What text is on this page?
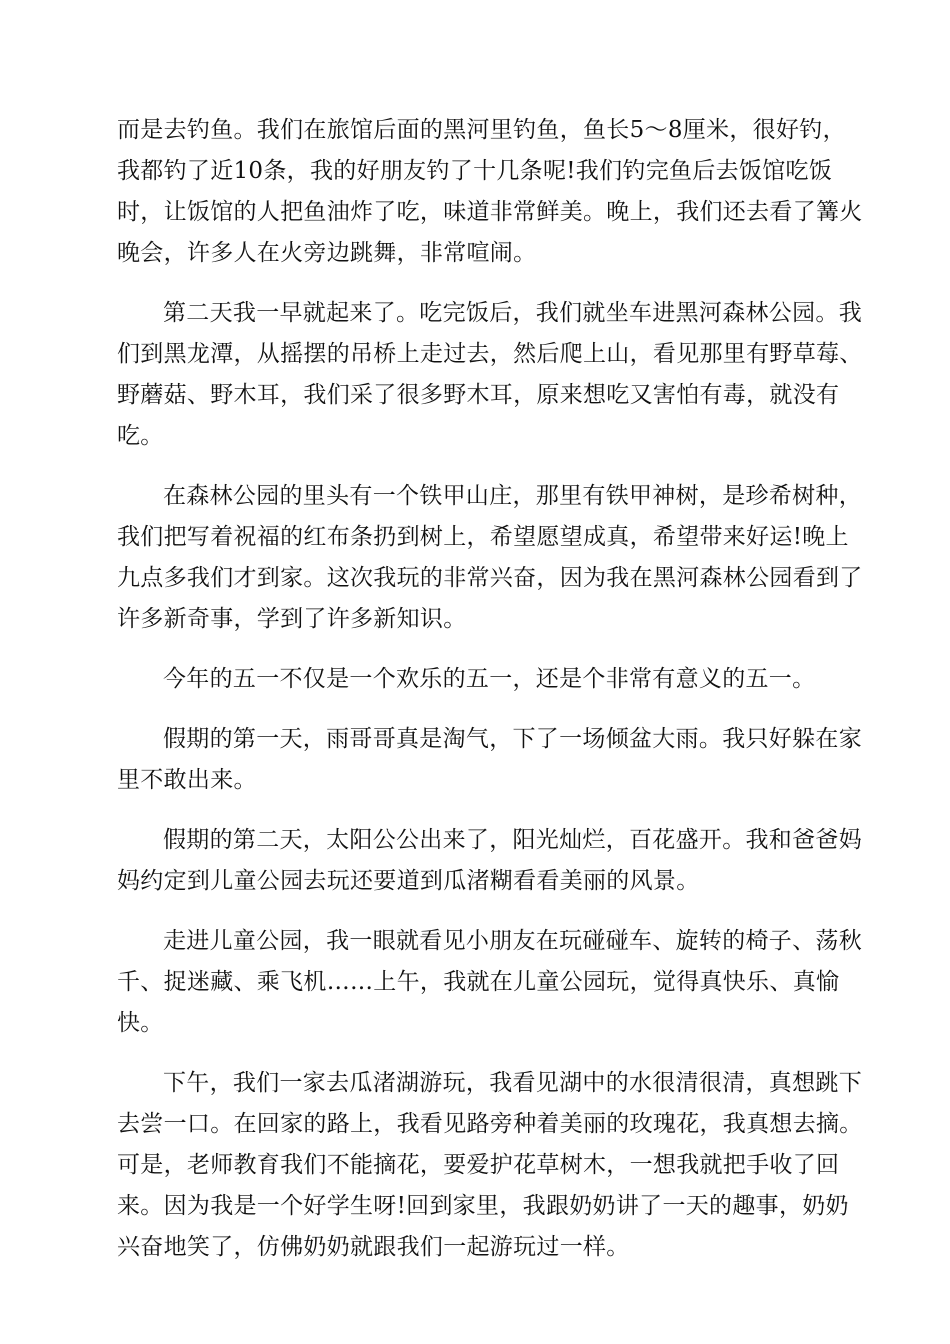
而是去钓鱼。我们在旅馆后面的黑河里钓鱼，鱼长5～8厘米，很好钓，
我都钓了近10条，我的好朋友钓了十几条呢!我们钓完鱼后去饭馆吃饭
时，让饭馆的人把鱼油炸了吃，味道非常鲜美。晚上，我们还去看了篝火
晚会，许多人在火旁边跳舞，非常喧闹。

第二天我一早就起来了。吃完饭后，我们就坐车进黑河森林公园。我
们到黑龙潭，从摇摆的吊桥上走过去，然后爬上山，看见那里有野草莓、
野蘑菇、野木耳，我们采了很多野木耳，原来想吃又害怕有毒，就没有
吃。

在森林公园的里头有一个铁甲山庄，那里有铁甲神树，是珍希树种，
我们把写着祝福的红布条扔到树上，希望愿望成真，希望带来好运!晚上
九点多我们才到家。这次我玩的非常兴奋，因为我在黑河森林公园看到了
许多新奇事，学到了许多新知识。

今年的五一不仅是一个欢乐的五一，还是个非常有意义的五一。

假期的第一天，雨哥哥真是淘气，下了一场倾盆大雨。我只好躲在家
里不敢出来。

假期的第二天，太阳公公出来了，阳光灿烂，百花盛开。我和爸爸妈
妈约定到儿童公园去玩还要道到瓜渚糊看看美丽的风景。

走进儿童公园，我一眼就看见小朋友在玩碰碰车、旋转的椅子、荡秋
千、捉迷藏、乘飞机……上午，我就在儿童公园玩，觉得真快乐、真愉
快。

下午，我们一家去瓜渚湖游玩，我看见湖中的水很清很清，真想跳下
去尝一口。在回家的路上，我看见路旁种着美丽的玫瑰花，我真想去摘。
可是，老师教育我们不能摘花，要爱护花草树木，一想我就把手收了回
来。因为我是一个好学生呀!回到家里，我跟奶奶讲了一天的趣事，奶奶
兴奋地笑了，仿佛奶奶就跟我们一起游玩过一样。
